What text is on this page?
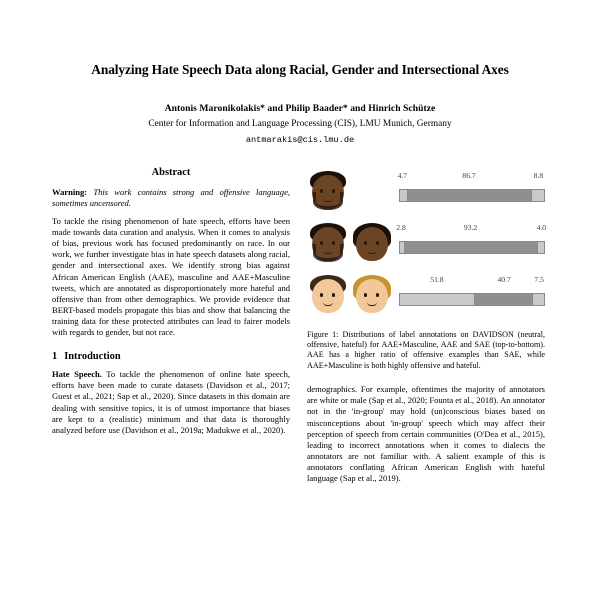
Analyzing Hate Speech Data along Racial, Gender and Intersectional Axes
Antonis Maronikolakis* and Philip Baader* and Hinrich Schütze
Center for Information and Language Processing (CIS), LMU Munich, Germany
antmarakis@cis.lmu.de
Abstract
Warning: This work contains strong and offensive language, sometimes uncensored.

To tackle the rising phenomenon of hate speech, efforts have been made towards data curation and analysis. When it comes to analysis of bias, previous work has focused predominantly on race. In our work, we further investigate bias in hate speech datasets along racial, gender and intersectional axes. We identify strong bias against African American English (AAE), masculine and AAE+Masculine tweets, which are annotated as disproportionately more hateful and offensive than from other demographics. We provide evidence that BERT-based models propagate this bias and show that balancing the training data for these protected attributes can lead to fairer models with regards to gender, but not race.

1 Introduction

Hate Speech. To tackle the phenomenon of online hate speech, efforts have been made to curate datasets (Davidson et al., 2017; Guest et al., 2021; Sap et al., 2020). Since datasets in this domain are dealing with sensitive topics, it is of utmost importance that biases are kept to a (realistic) minimum and that data is thoroughly analyzed before use (Davidson et al., 2019a; Madukwe et al., 2020).

4.7	86.7	8.8
2.8	93.2	4.0
51.8	40.7	7.5
Figure 1: Distributions of label annotations on DAVIDSON (neutral, offensive, hateful) for AAE+Masculine, AAE and SAE (top-to-bottom). AAE has a higher ratio of offensive examples than SAE, while AAE+Masculine is both highly offensive and hateful.

demographics. For example, oftentimes the majority of annotators are white or male (Sap et al., 2020; Founta et al., 2018). An annotator not in the 'in-group' may hold (un)conscious biases based on misconceptions about 'in-group' speech which may affect their perception of speech from certain communities (O'Dea et al., 2015), leading to incorrect annotations when it comes to dialects the annotators are not familiar with. A salient example of this is annotators conflating African American English with hateful language (Sap et al., 2019).
